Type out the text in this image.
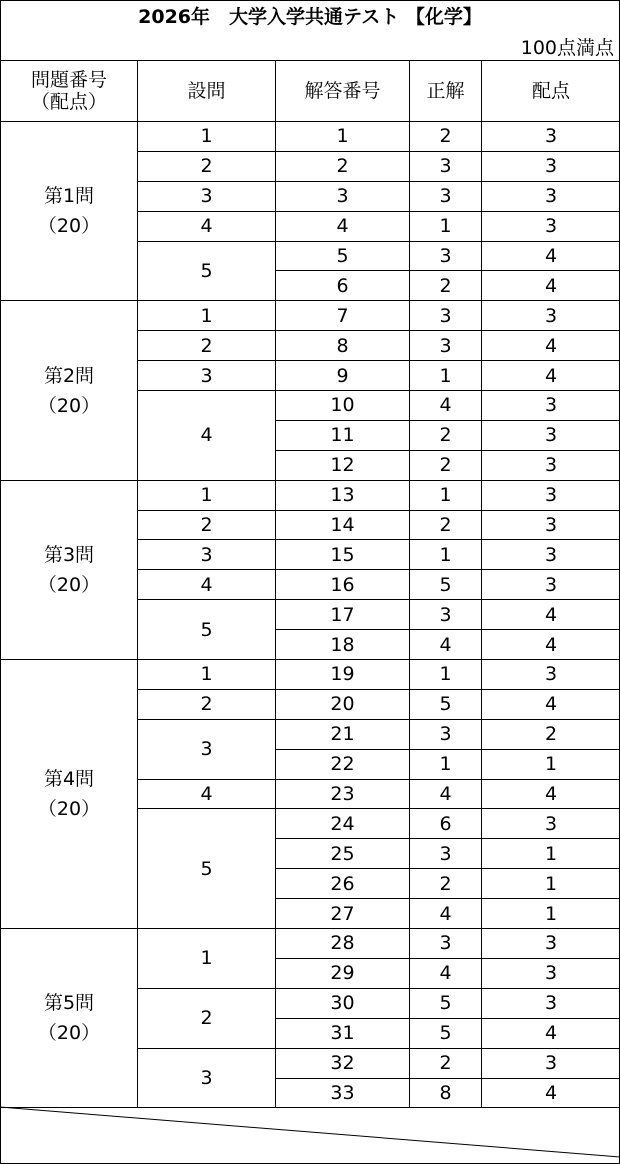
2026年　大学入学共通テスト 【化学】
100点満点
問題番号
（配点）	設問	解答番号	正解	配点
第1問
（20）	1	1	2	3
	2	2	3	3
	3	3	3	3
	4	4	1	3
	5	5	3	4
		6	2	4
第2問
（20）	1	7	3	3
	2	8	3	4
	3	9	1	4
	4	10	4	3
		11	2	3
		12	2	3
第3問
（20）	1	13	1	3
	2	14	2	3
	3	15	1	3
	4	16	5	3
	5	17	3	4
		18	4	4
第4問
（20）	1	19	1	3
	2	20	5	4
	3	21	3	2
		22	1	1
	4	23	4	4
	5	24	6	3
		25	3	1
		26	2	1
		27	4	1
第5問
（20）	1	28	3	3
		29	4	3
	2	30	5	3
		31	5	4
	3	32	2	3
		33	8	4
